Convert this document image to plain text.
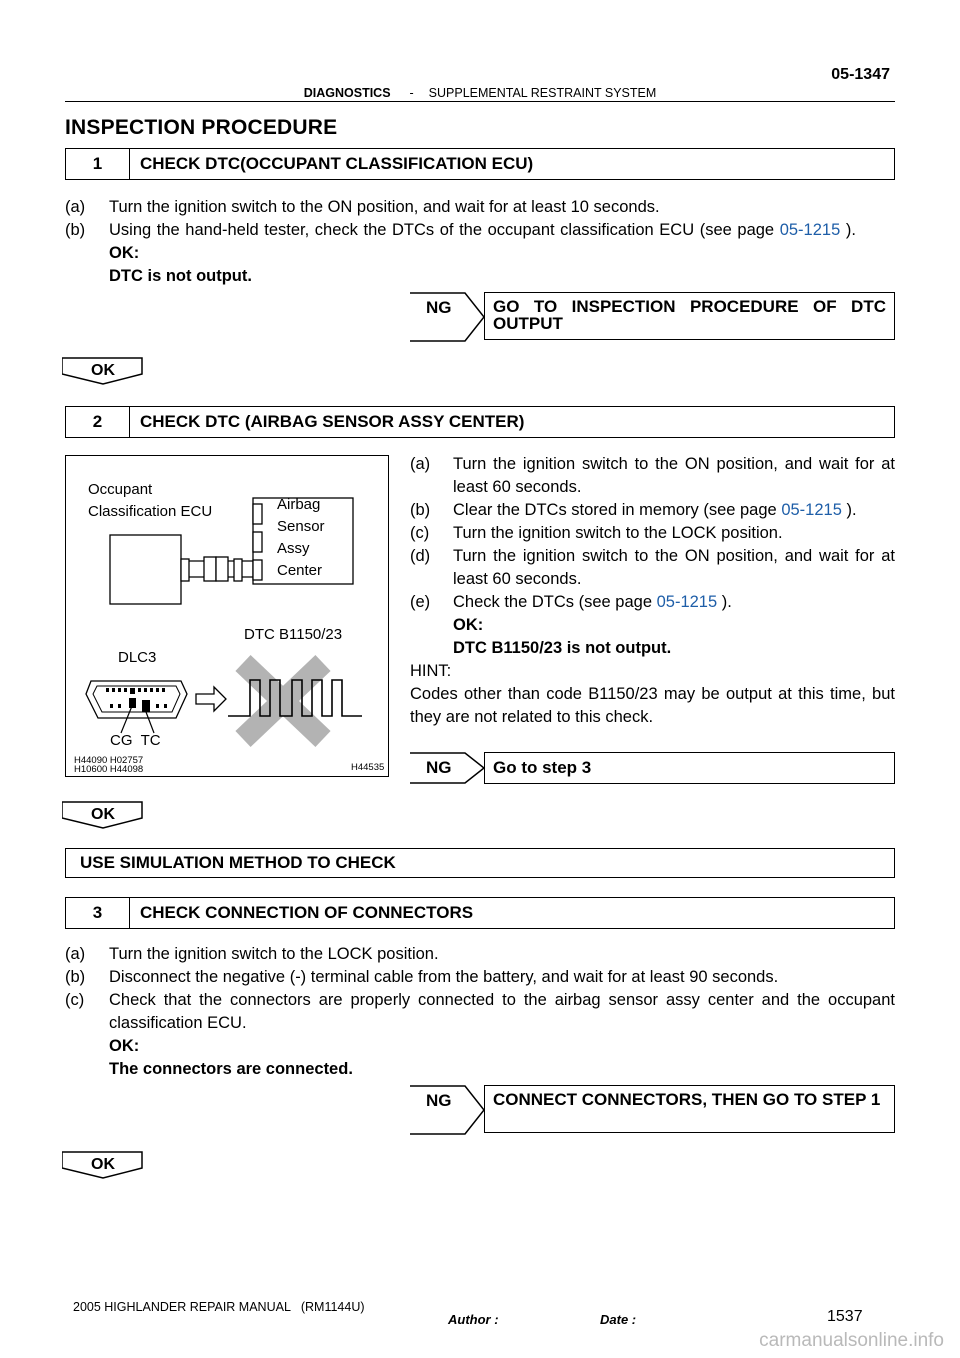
05-1347
DIAGNOSTICS - SUPPLEMENTAL RESTRAINT SYSTEM
INSPECTION PROCEDURE
1	CHECK DTC(OCCUPANT CLASSIFICATION ECU)
(a) Turn the ignition switch to the ON position, and wait for at least 10 seconds.
(b) Using the hand-held tester, check the DTCs of the occupant classification ECU (see page 05-1215 ).
OK:
DTC is not output.
NG	GO TO INSPECTION PROCEDURE OF DTC OUTPUT
OK
2	CHECK DTC (AIRBAG SENSOR ASSY CENTER)
Occupant
Classification ECU	Airbag
Sensor
Assy
Center
DTC B1150/23
DLC3
CG  TC
H44090 H02757
H10600 H44098	H44535
(a) Turn the ignition switch to the ON position, and wait for at least 60 seconds.
(b) Clear the DTCs stored in memory (see page 05-1215 ).
(c) Turn the ignition switch to the LOCK position.
(d) Turn the ignition switch to the ON position, and wait for at least 60 seconds.
(e) Check the DTCs (see page 05-1215 ).
OK:
DTC B1150/23 is not output.
HINT:
Codes other than code B1150/23 may be output at this time, but they are not related to this check.
NG	Go to step 3
OK
USE SIMULATION METHOD TO CHECK
3	CHECK CONNECTION OF CONNECTORS
(a) Turn the ignition switch to the LOCK position.
(b) Disconnect the negative (-) terminal cable from the battery, and wait for at least 90 seconds.
(c) Check that the connectors are properly connected to the airbag sensor assy center and the occupant classification ECU.
OK:
The connectors are connected.
NG	CONNECT CONNECTORS, THEN GO TO STEP 1
OK
2005 HIGHLANDER REPAIR MANUAL   (RM1144U)
1537
Author :	Date :
carmanualsonline.info
